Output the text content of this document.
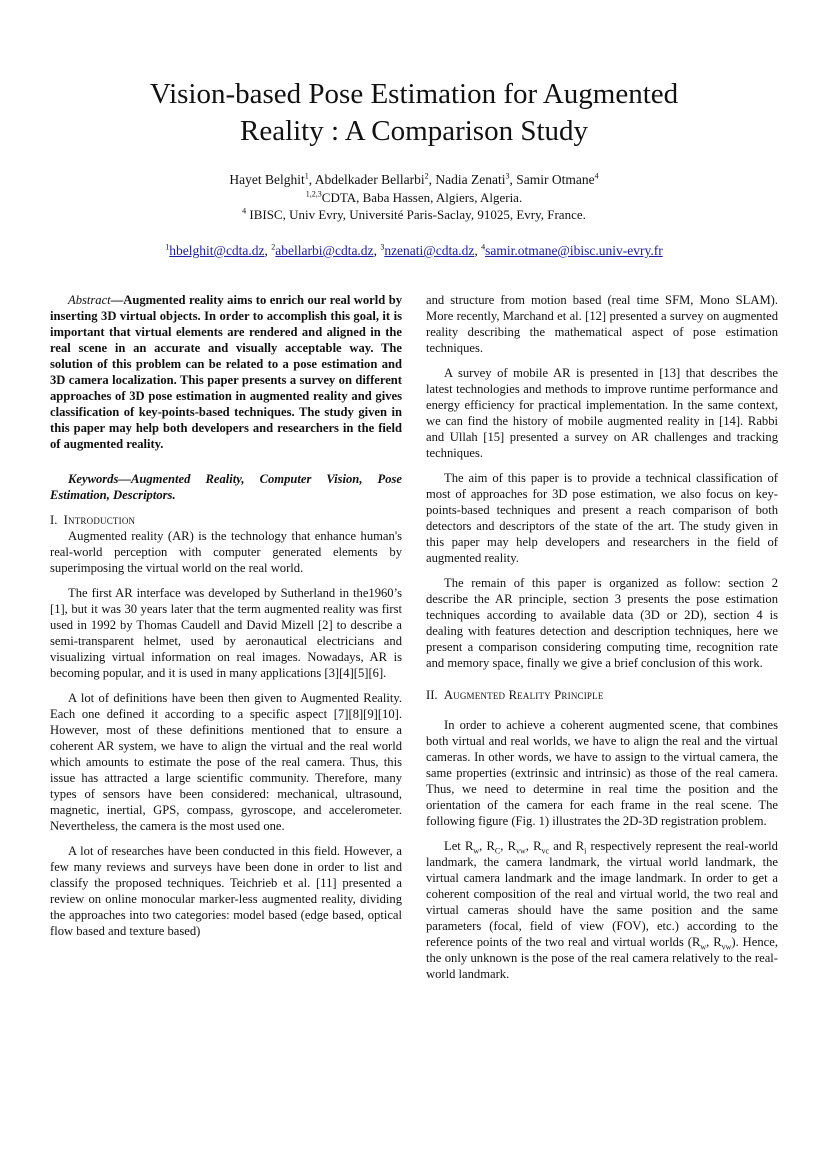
Vision-based Pose Estimation for Augmented
Reality : A Comparison Study
Hayet Belghit$^1$, Abdelkader Bellarbi$^2$, Nadia Zenati$^3$, Samir Otmane$^4$
$^{1,2,3}$CDTA, Baba Hassen, Algiers, Algeria.
$^4$ IBISC, Univ Evry, Université Paris-Saclay, 91025, Evry, France.
$^1$hbelghit@cdta.dz, $^2$abellarbi@cdta.dz, $^3$nzenati@cdta.dz, $^4$samir.otmane@ibisc.univ-evry.fr

Abstract—Augmented reality aims to enrich our real world by inserting 3D virtual objects. In order to accomplish this goal, it is important that virtual elements are rendered and aligned in the real scene in an accurate and visually acceptable way. The solution of this problem can be related to a pose estimation and 3D camera localization. This paper presents a survey on different approaches of 3D pose estimation in augmented reality and gives classification of key-points-based techniques. The study given in this paper may help both developers and researchers in the field of augmented reality.

Keywords—Augmented Reality, Computer Vision, Pose Estimation, Descriptors.

I. Introduction

Augmented reality (AR) is the technology that enhance human's real-world perception with computer generated elements by superimposing the virtual world on the real world.

The first AR interface was developed by Sutherland in the1960’s [1], but it was 30 years later that the term augmented reality was first used in 1992 by Thomas Caudell and David Mizell [2] to describe a semi-transparent helmet, used by aeronautical electricians and visualizing virtual information on real images. Nowadays, AR is becoming popular, and it is used in many applications [3][4][5][6].

A lot of definitions have been then given to Augmented Reality. Each one defined it according to a specific aspect [7][8][9][10]. However, most of these definitions mentioned that to ensure a coherent AR system, we have to align the virtual and the real world which amounts to estimate the pose of the real camera. Thus, this issue has attracted a large scientific community. Therefore, many types of sensors have been considered: mechanical, ultrasound, magnetic, inertial, GPS, compass, gyroscope, and accelerometer. Nevertheless, the camera is the most used one.

A lot of researches have been conducted in this field. However, a few many reviews and surveys have been done in order to list and classify the proposed techniques. Teichrieb et al. [11] presented a review on online monocular marker-less augmented reality, dividing the approaches into two categories: model based (edge based, optical flow based and texture based)

and structure from motion based (real time SFM, Mono SLAM). More recently, Marchand et al. [12] presented a survey on augmented reality describing the mathematical aspect of pose estimation techniques.

A survey of mobile AR is presented in [13] that describes the latest technologies and methods to improve runtime performance and energy efficiency for practical implementation. In the same context, we can find the history of mobile augmented reality in [14]. Rabbi and Ullah [15] presented a survey on AR challenges and tracking techniques.

The aim of this paper is to provide a technical classification of most of approaches for 3D pose estimation, we also focus on key-points-based techniques and present a reach comparison of both detectors and descriptors of the state of the art. The study given in this paper may help developers and researchers in the field of augmented reality.

The remain of this paper is organized as follow: section 2 describe the AR principle, section 3 presents the pose estimation techniques according to available data (3D or 2D), section 4 is dealing with features detection and description techniques, here we present a comparison considering computing time, recognition rate and memory space, finally we give a brief conclusion of this work.

II. Augmented Reality Principle

In order to achieve a coherent augmented scene, that combines both virtual and real worlds, we have to align the real and the virtual cameras. In other words, we have to assign to the virtual camera, the same properties (extrinsic and intrinsic) as those of the real camera. Thus, we need to determine in real time the position and the orientation of the camera for each frame in the real scene. The following figure (Fig. 1) illustrates the 2D-3D registration problem.

Let $R_w$, $R_C$, $R_{vw}$, $R_{vc}$ and $R_i$ respectively represent the real-world landmark, the camera landmark, the virtual world landmark, the virtual camera landmark and the image landmark. In order to get a coherent composition of the real and virtual world, the two real and virtual cameras should have the same position and the same parameters (focal, field of view (FOV), etc.) according to the reference points of the two real and virtual worlds ($R_w$, $R_{vw}$). Hence, the only unknown is the pose of the real camera relatively to the real-world landmark.
